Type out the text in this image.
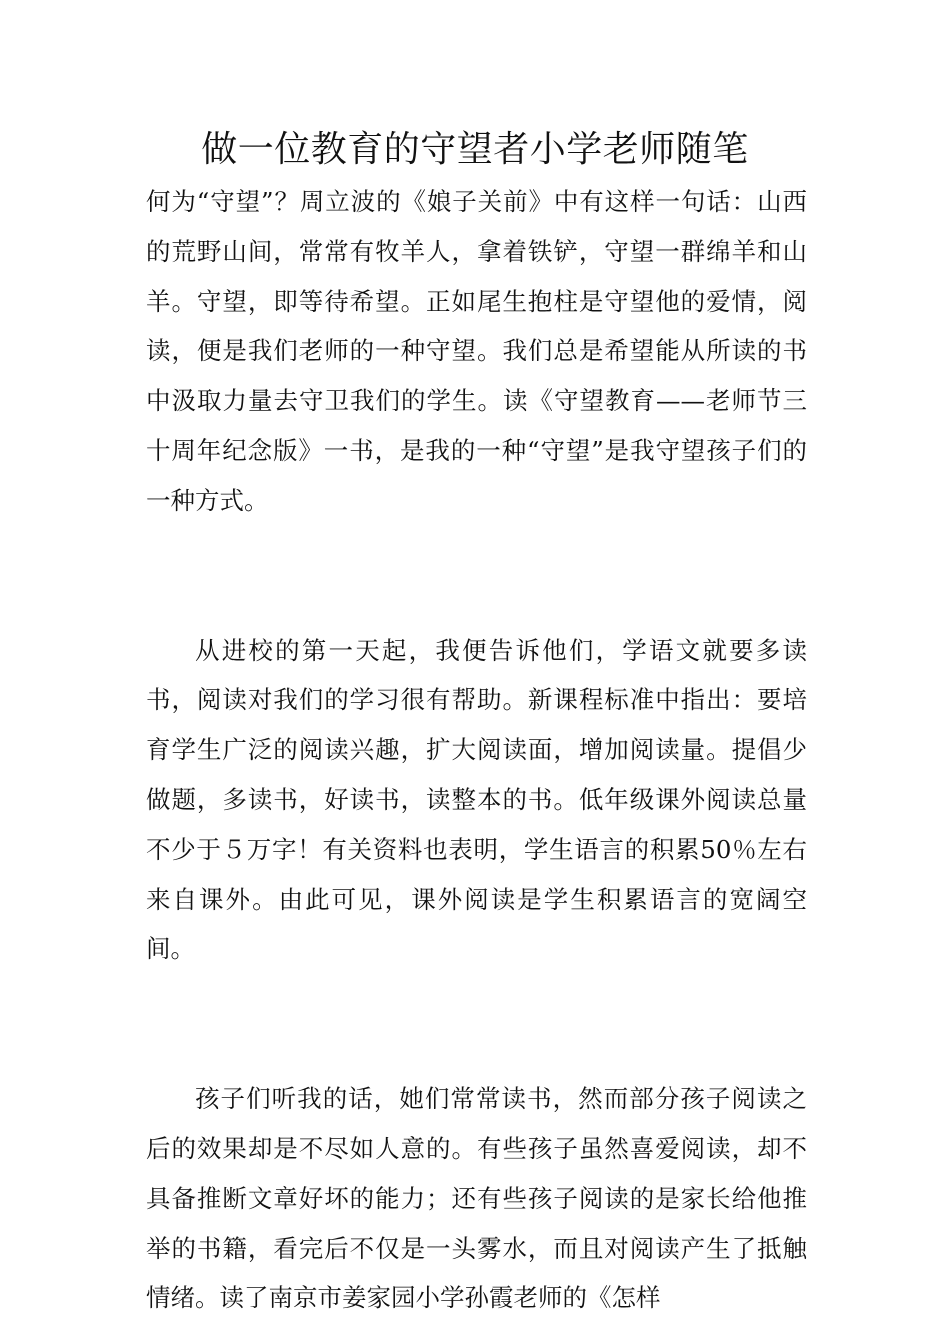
做一位教育的守望者小学老师随笔

何为“守望”？周立波的《娘子关前》中有这样一句话：山西的荒野山间，常常有牧羊人，拿着铁铲，守望一群绵羊和山羊。守望，即等待希望。正如尾生抱柱是守望他的爱情，阅读，便是我们老师的一种守望。我们总是希望能从所读的书中汲取力量去守卫我们的学生。读《守望教育——老师节三十周年纪念版》一书，是我的一种“守望”是我守望孩子们的一种方式。

从进校的第一天起，我便告诉他们，学语文就要多读书，阅读对我们的学习很有帮助。新课程标准中指出：要培育学生广泛的阅读兴趣，扩大阅读面，增加阅读量。提倡少做题，多读书，好读书，读整本的书。低年级课外阅读总量不少于５万字！有关资料也表明，学生语言的积累50％左右来自课外。由此可见，课外阅读是学生积累语言的宽阔空间。

孩子们听我的话，她们常常读书，然而部分孩子阅读之后的效果却是不尽如人意的。有些孩子虽然喜爱阅读，却不具备推断文章好坏的能力；还有些孩子阅读的是家长给他推举的书籍，看完后不仅是一头雾水，而且对阅读产生了抵触情绪。读了南京市姜家园小学孙霞老师的《怎样
